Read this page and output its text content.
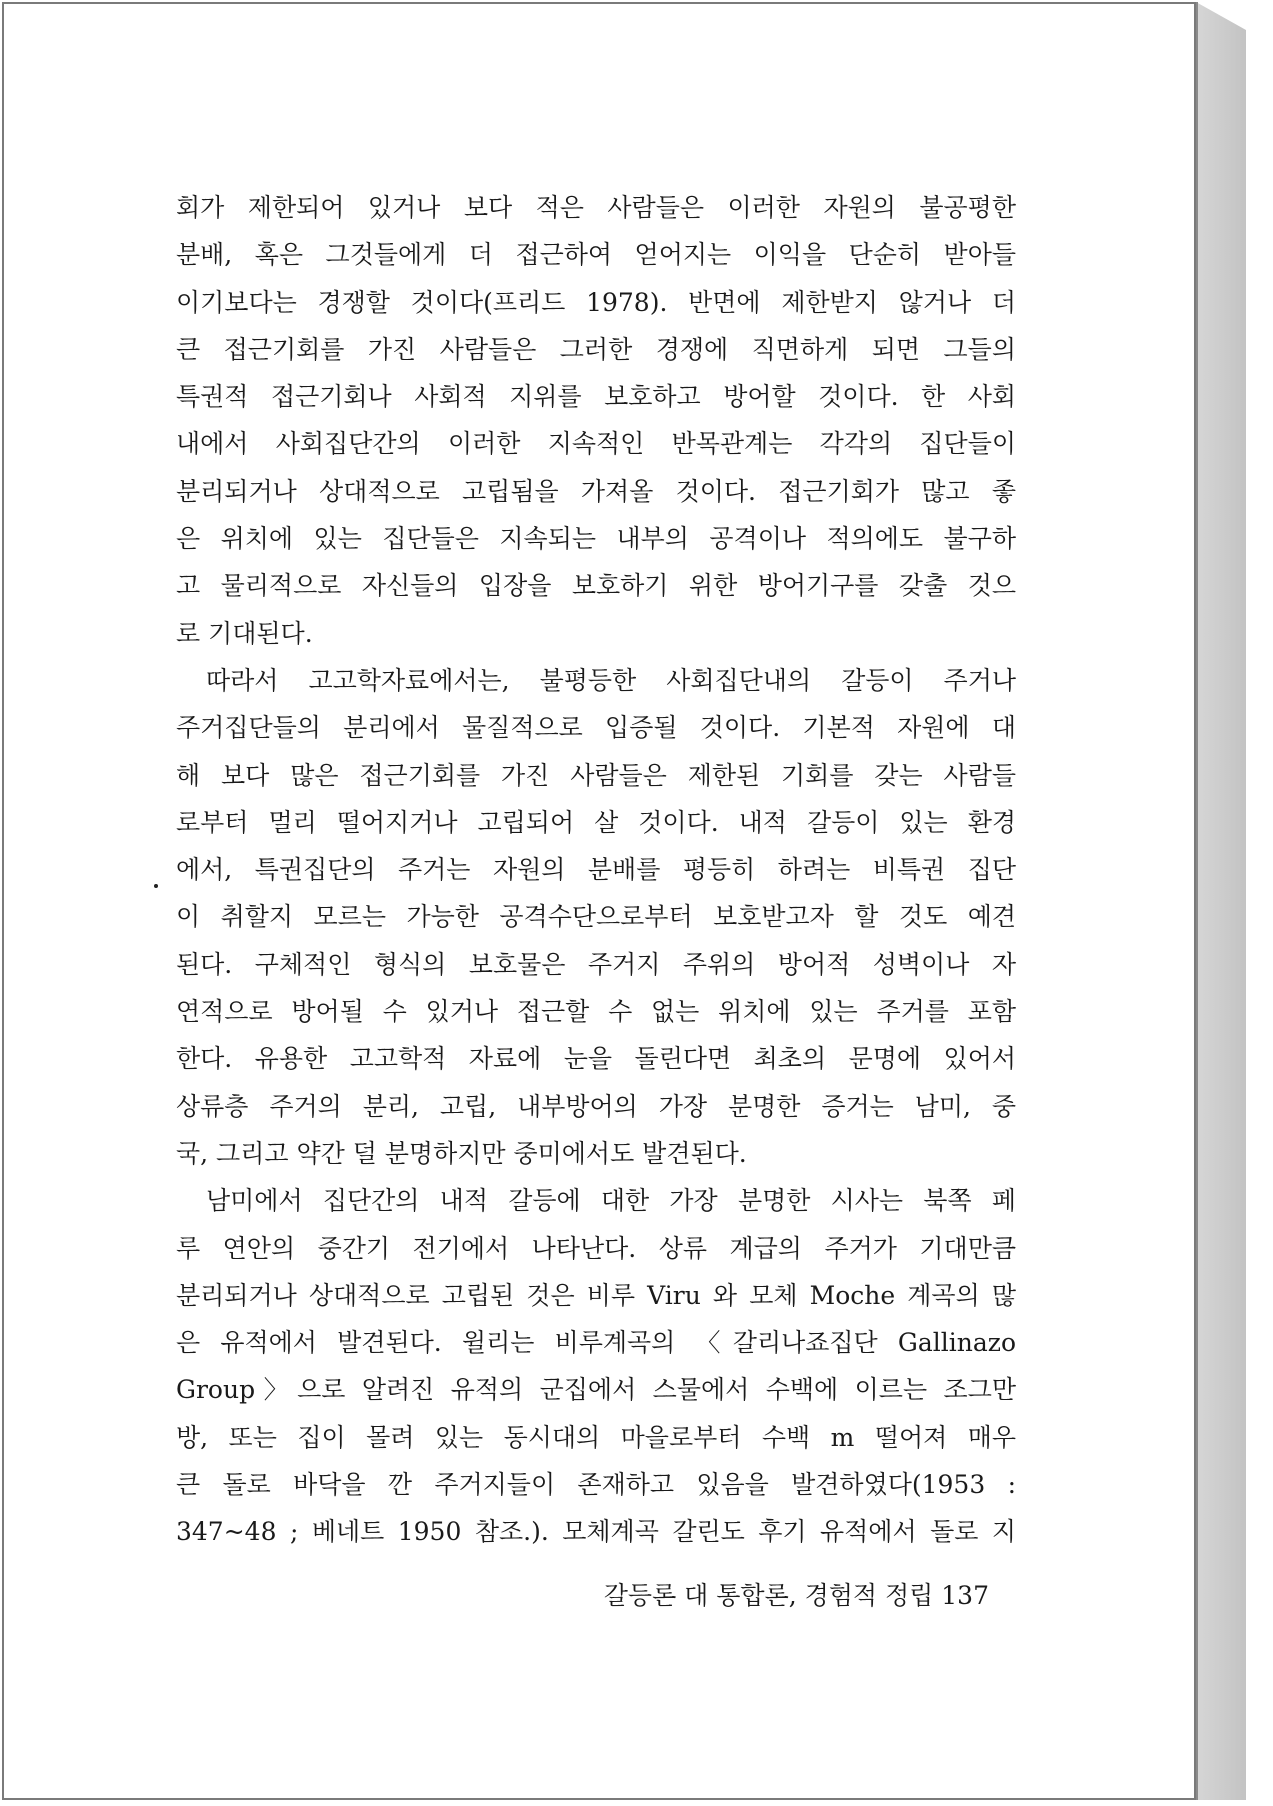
회가 제한되어 있거나 보다 적은 사람들은 이러한 자원의 불공평한
분배, 혹은 그것들에게 더 접근하여 얻어지는 이익을 단순히 받아들
이기보다는 경쟁할 것이다(프리드 1978). 반면에 제한받지 않거나 더
큰 접근기회를 가진 사람들은 그러한 경쟁에 직면하게 되면 그들의
특권적 접근기회나 사회적 지위를 보호하고 방어할 것이다. 한 사회
내에서 사회집단간의 이러한 지속적인 반목관계는 각각의 집단들이
분리되거나 상대적으로 고립됨을 가져올 것이다. 접근기회가 많고 좋
은 위치에 있는 집단들은 지속되는 내부의 공격이나 적의에도 불구하
고 물리적으로 자신들의 입장을 보호하기 위한 방어기구를 갖출 것으
로 기대된다.
따라서 고고학자료에서는, 불평등한 사회집단내의 갈등이 주거나
주거집단들의 분리에서 물질적으로 입증될 것이다. 기본적 자원에 대
해 보다 많은 접근기회를 가진 사람들은 제한된 기회를 갖는 사람들
로부터 멀리 떨어지거나 고립되어 살 것이다. 내적 갈등이 있는 환경
에서, 특권집단의 주거는 자원의 분배를 평등히 하려는 비특권 집단
이 취할지 모르는 가능한 공격수단으로부터 보호받고자 할 것도 예견
된다. 구체적인 형식의 보호물은 주거지 주위의 방어적 성벽이나 자
연적으로 방어될 수 있거나 접근할 수 없는 위치에 있는 주거를 포함
한다. 유용한 고고학적 자료에 눈을 돌린다면 최초의 문명에 있어서
상류층 주거의 분리, 고립, 내부방어의 가장 분명한 증거는 남미, 중
국, 그리고 약간 덜 분명하지만 중미에서도 발견된다.
남미에서 집단간의 내적 갈등에 대한 가장 분명한 시사는 북쪽 페
루 연안의 중간기 전기에서 나타난다. 상류 계급의 주거가 기대만큼
분리되거나 상대적으로 고립된 것은 비루 Viru 와 모체 Moche 계곡의 많
은 유적에서 발견된다. 윌리는 비루계곡의 〈갈리나죠집단 Gallinazo
Group〉으로 알려진 유적의 군집에서 스물에서 수백에 이르는 조그만
방, 또는 집이 몰려 있는 동시대의 마을로부터 수백 m 떨어져 매우
큰 돌로 바닥을 깐 주거지들이 존재하고 있음을 발견하였다(1953 :
347~48 ; 베네트 1950 참조.). 모체계곡 갈린도 후기 유적에서 돌로 지
갈등론 대 통합론, 경험적 정립 137
